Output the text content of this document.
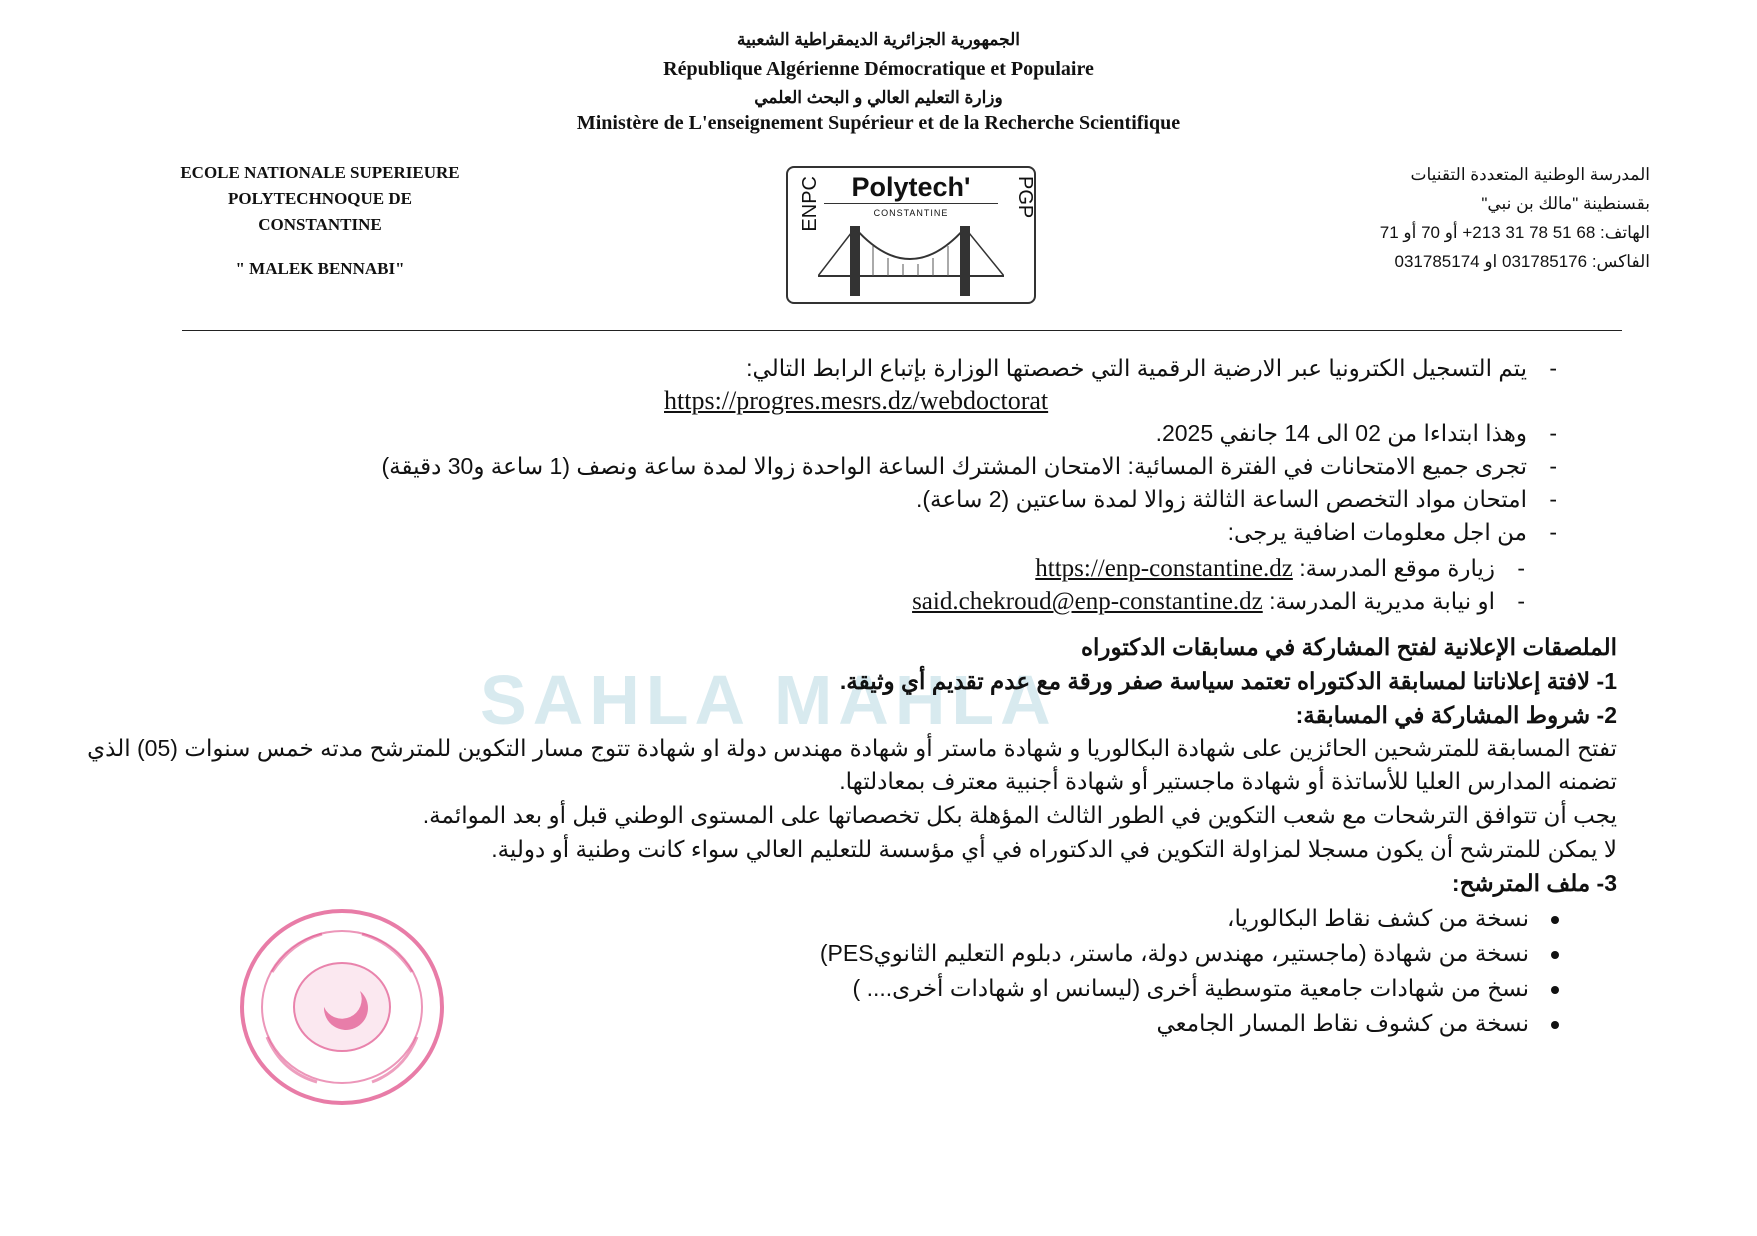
الجمهورية الجزائرية الديمقراطية الشعبية
République Algérienne Démocratique et Populaire
وزارة التعليم العالي و البحث العلمي
Ministère de L'enseignement Supérieur et de la Recherche Scientifique
ECOLE NATIONALE SUPERIEURE
POLYTECHNOQUE DE
CONSTANTINE
" MALEK BENNABI"
ENPC	PGP
Polytech'
CONSTANTINE
المدرسة الوطنية المتعددة التقنيات
بقسنطينة "مالك بن نبي"
الهاتف: 68 51 78 31 213+ أو 70 أو 71
الفاكس: 031785176 او 031785174
SAHLA MAHLA
-يتم التسجيل الكترونيا عبر الارضية الرقمية التي خصصتها الوزارة بإتباع الرابط التالي:
https://progres.mesrs.dz/webdoctorat
-وهذا ابتداءا من 02 الى 14 جانفي 2025.
-تجرى جميع الامتحانات في الفترة المسائية: الامتحان المشترك الساعة الواحدة زوالا لمدة ساعة ونصف (1 ساعة و30 دقيقة)
-امتحان مواد التخصص الساعة الثالثة زوالا لمدة ساعتين (2 ساعة).
-من اجل معلومات اضافية يرجى:
-زيارة موقع المدرسة: https://enp-constantine.dz
-او نيابة مديرية المدرسة: said.chekroud@enp-constantine.dz
الملصقات الإعلانية لفتح المشاركة في مسابقات الدكتوراه
1- لافتة إعلاناتنا لمسابقة الدكتوراه تعتمد سياسة صفر ورقة مع عدم تقديم أي وثيقة.
2- شروط المشاركة في المسابقة:
تفتح المسابقة للمترشحين الحائزين على شهادة البكالوريا و شهادة ماستر أو شهادة مهندس دولة او شهادة تتوج مسار التكوين للمترشح مدته خمس سنوات (05) الذي
تضمنه المدارس العليا للأساتذة أو شهادة ماجستير أو شهادة أجنبية معترف بمعادلتها.
يجب أن تتوافق الترشحات مع شعب التكوين في الطور الثالث المؤهلة بكل تخصصاتها على المستوى الوطني قبل أو بعد الموائمة.
لا يمكن للمترشح أن يكون مسجلا لمزاولة التكوين في الدكتوراه في أي مؤسسة للتعليم العالي سواء كانت وطنية أو دولية.
3- ملف المترشح:
نسخة من كشف نقاط البكالوريا،
نسخة من شهادة (ماجستير، مهندس دولة، ماستر، دبلوم التعليم الثانويPES)
نسخ من شهادات جامعية متوسطية أخرى (ليسانس او شهادات أخرى.... )
نسخة من كشوف نقاط المسار الجامعي
